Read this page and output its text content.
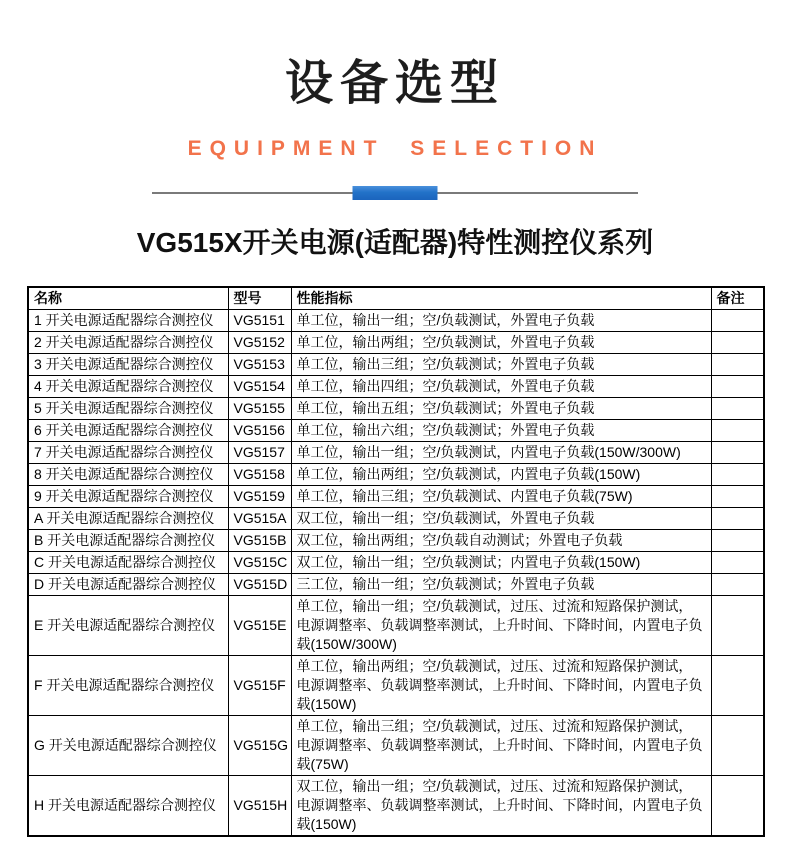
设备选型
EQUIPMENT SELECTION
VG515X开关电源(适配器)特性测控仪系列
名称	型号	性能指标	备注
1 开关电源适配器综合测控仪	VG5151	单工位，输出一组；空/负载测试，外置电子负载	
2 开关电源适配器综合测控仪	VG5152	单工位，输出两组；空/负载测试，外置电子负载	
3 开关电源适配器综合测控仪	VG5153	单工位，输出三组；空/负载测试；外置电子负载	
4 开关电源适配器综合测控仪	VG5154	单工位，输出四组；空/负载测试，外置电子负载	
5 开关电源适配器综合测控仪	VG5155	单工位，输出五组；空/负载测试；外置电子负载	
6 开关电源适配器综合测控仪	VG5156	单工位，输出六组；空/负载测试；外置电子负载	
7 开关电源适配器综合测控仪	VG5157	单工位，输出一组；空/负载测试，内置电子负载(150W/300W)	
8 开关电源适配器综合测控仪	VG5158	单工位，输出两组；空/负载测试，内置电子负载(150W)	
9 开关电源适配器综合测控仪	VG5159	单工位，输出三组；空/负载测试、内置电子负载(75W)	
A 开关电源适配器综合测控仪	VG515A	双工位，输出一组；空/负载测试，外置电子负载	
B 开关电源适配器综合测控仪	VG515B	双工位，输出两组；空/负载自动测试；外置电子负载	
C 开关电源适配器综合测控仪	VG515C	双工位，输出一组；空/负载测试；内置电子负载(150W)	
D 开关电源适配器综合测控仪	VG515D	三工位，输出一组；空/负载测试；外置电子负载	
E 开关电源适配器综合测控仪	VG515E	单工位，输出一组；空/负载测试，过压、过流和短路保护测试，电源调整率、负载调整率测试，上升时间、下降时间，内置电子负载(150W/300W)	
F 开关电源适配器综合测控仪	VG515F	单工位，输出两组；空/负载测试，过压、过流和短路保护测试，电源调整率、负载调整率测试，上升时间、下降时间，内置电子负载(150W)	
G 开关电源适配器综合测控仪	VG515G	单工位，输出三组；空/负载测试，过压、过流和短路保护测试，电源调整率、负载调整率测试，上升时间、下降时间，内置电子负载(75W)	
H 开关电源适配器综合测控仪	VG515H	双工位，输出一组；空/负载测试，过压、过流和短路保护测试，电源调整率、负载调整率测试，上升时间、下降时间，内置电子负载(150W)	
